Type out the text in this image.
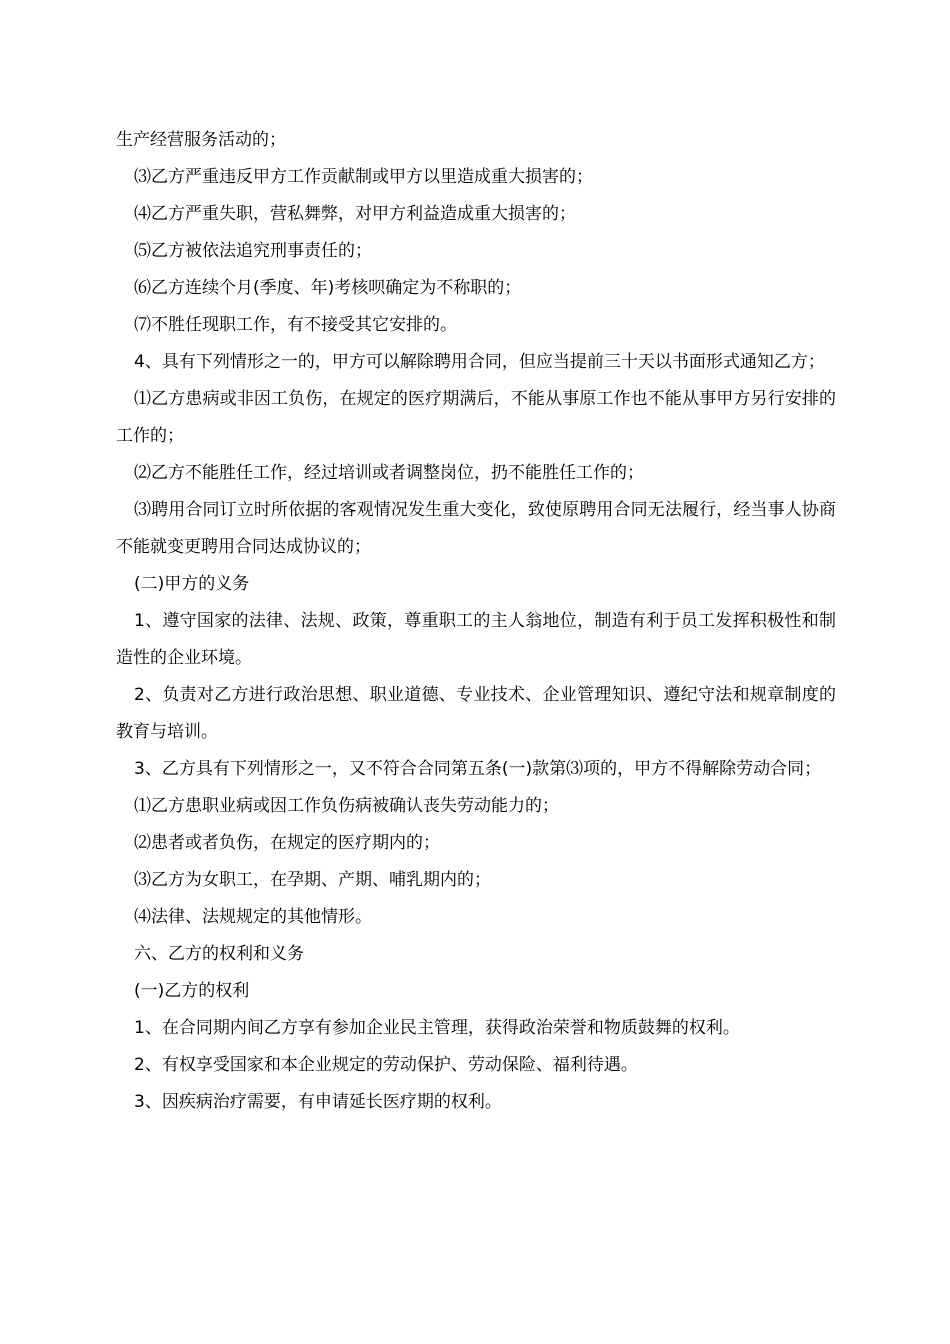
生产经营服务活动的；

⑶乙方严重违反甲方工作贡献制或甲方以里造成重大损害的；

⑷乙方严重失职，营私舞弊，对甲方利益造成重大损害的；

⑸乙方被依法追究刑事责任的；

⑹乙方连续个月(季度、年)考核呗确定为不称职的；

⑺不胜任现职工作，有不接受其它安排的。

4、具有下列情形之一的，甲方可以解除聘用合同，但应当提前三十天以书面形式通知乙方；

⑴乙方患病或非因工负伤，在规定的医疗期满后，不能从事原工作也不能从事甲方另行安排的工作的；

⑵乙方不能胜任工作，经过培训或者调整岗位，扔不能胜任工作的；

⑶聘用合同订立时所依据的客观情况发生重大变化，致使原聘用合同无法履行，经当事人协商不能就变更聘用合同达成协议的；

(二)甲方的义务

1、遵守国家的法律、法规、政策，尊重职工的主人翁地位，制造有利于员工发挥积极性和制造性的企业环境。

2、负责对乙方进行政治思想、职业道德、专业技术、企业管理知识、遵纪守法和规章制度的教育与培训。

3、乙方具有下列情形之一，又不符合合同第五条(一)款第⑶项的，甲方不得解除劳动合同；

⑴乙方患职业病或因工作负伤病被确认丧失劳动能力的；

⑵患者或者负伤，在规定的医疗期内的；

⑶乙方为女职工，在孕期、产期、哺乳期内的；

⑷法律、法规规定的其他情形。

六、乙方的权利和义务

(一)乙方的权利

1、在合同期内间乙方享有参加企业民主管理，获得政治荣誉和物质鼓舞的权利。

2、有权享受国家和本企业规定的劳动保护、劳动保险、福利待遇。

3、因疾病治疗需要，有申请延长医疗期的权利。
